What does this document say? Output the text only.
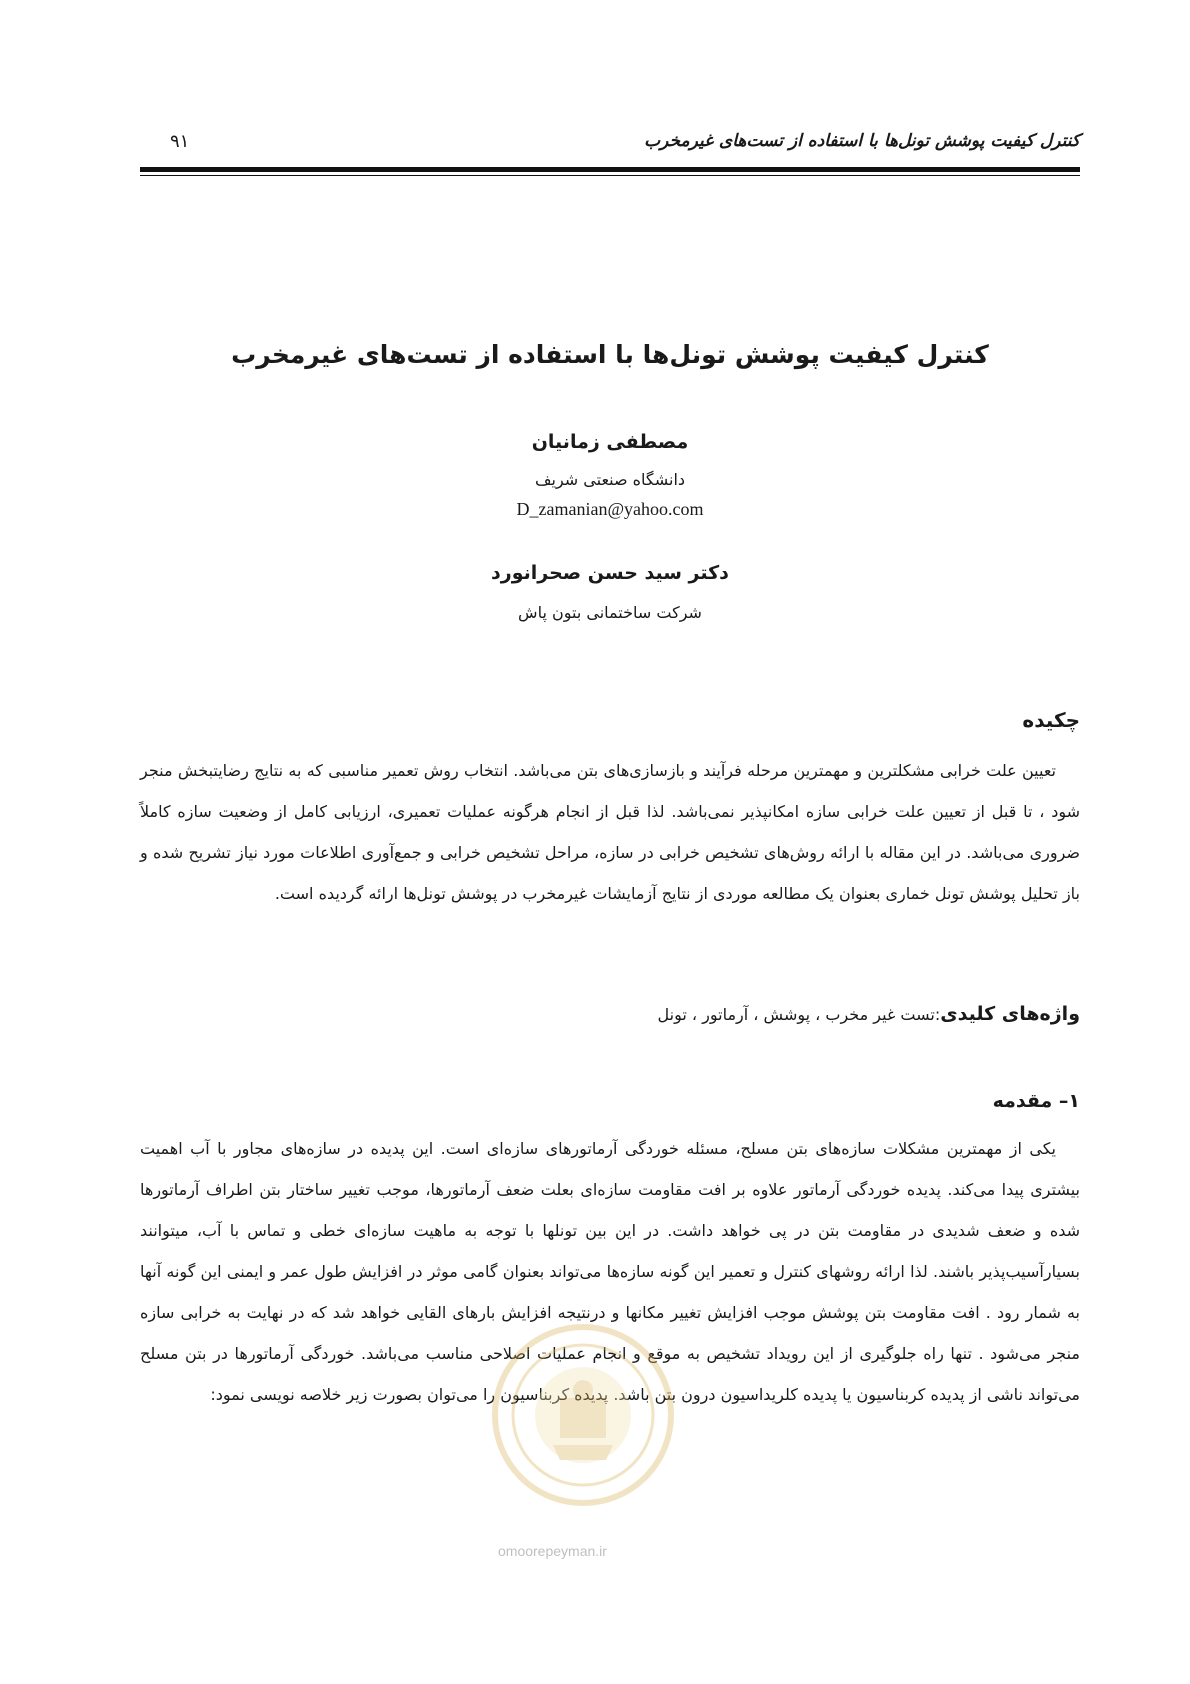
کنترل کیفیت پوشش تونل‌ها با استفاده از تست‌های غیرمخرب
۹۱
کنترل کیفیت پوشش تونل‌ها با استفاده از تست‌های غیرمخرب
مصطفی زمانیان
دانشگاه صنعتی شریف
D_zamanian@yahoo.com
دکتر سید حسن صحرانورد
شرکت ساختمانی بتون پاش
چکیده
تعیین علت خرابی مشکلترین و مهمترین مرحله فرآیند و بازسازی‌های بتن می‌باشد. انتخاب روش تعمیر مناسبی که به نتایج رضایتبخش منجر شود ، تا قبل از تعیین علت خرابی سازه امکانپذیر نمی‌باشد. لذا قبل از انجام هرگونه عملیات تعمیری، ارزیابی کامل از وضعیت سازه کاملاً ضروری می‌باشد. در این مقاله با ارائه روش‌های تشخیص خرابی در سازه، مراحل تشخیص خرابی و جمع‌آوری اطلاعات مورد نیاز تشریح شده و باز تحلیل پوشش تونل خماری بعنوان یک مطالعه موردی از نتایج آزمایشات غیرمخرب در پوشش تونل‌ها ارائه گردیده است.
واژه‌های کلیدی:تست غیر مخرب ، پوشش ، آرماتور ، تونل
۱– مقدمه
یکی از مهمترین مشکلات سازه‌های بتن مسلح، مسئله خوردگی آرماتورهای سازه‌ای است. این پدیده در سازه‌های مجاور با آب اهمیت بیشتری پیدا می‌کند. پدیده خوردگی آرماتور علاوه بر افت مقاومت سازه‌ای بعلت ضعف آرماتورها، موجب تغییر ساختار بتن اطراف آرماتورها شده و ضعف شدیدی در مقاومت بتن در پی خواهد داشت. در این بین تونلها با توجه به ماهیت سازه‌ای خطی و تماس با آب، میتوانند بسیارآسیب‌پذیر باشند. لذا ارائه روشهای کنترل و تعمیر این گونه سازه‌ها می‌تواند بعنوان گامی موثر در افزایش طول عمر و ایمنی این گونه آنها به شمار رود . افت مقاومت بتن پوشش موجب افزایش تغییر مکانها و درنتیجه افزایش بارهای القایی خواهد شد که در نهایت به خرابی سازه منجر می‌شود . تنها راه جلوگیری از این رویداد تشخیص به موقع و انجام عملیات اصلاحی مناسب می‌باشد. خوردگی آرماتورها در بتن مسلح می‌تواند ناشی از پدیده کربناسیون یا پدیده کلریداسیون درون بتن باشد. پدیده کربناسیون را می‌توان بصورت زیر خلاصه نویسی نمود:
omoorepeyman.ir
